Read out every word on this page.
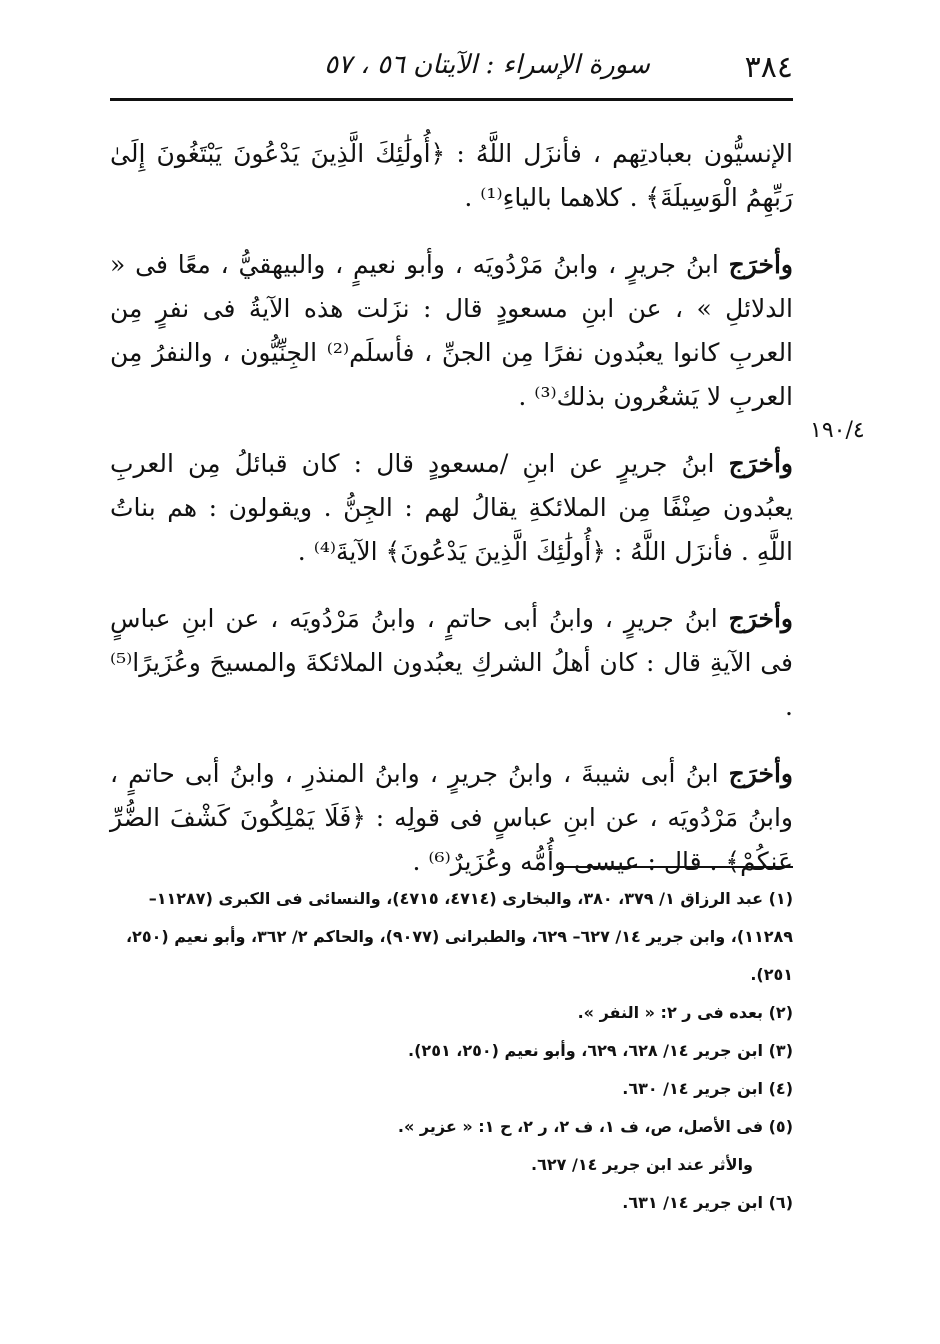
٣٨٤
سورة الإسراء : الآيتان ٥٦ ، ٥٧
١٩٠/٤

الإنسيُّون بعبادتِهم ، فأنزَل اللَّهُ : ﴿أُولَٰئِكَ الَّذِينَ يَدْعُونَ يَبْتَغُونَ إِلَىٰ رَبِّهِمُ الْوَسِيلَةَ﴾ . كلاهما بالياءِ⁽¹⁾ .

وأخرَج ابنُ جريرٍ ، وابنُ مَرْدُويَه ، وأبو نعيمٍ ، والبيهقيُّ ، معًا فى « الدلائلِ » ، عن ابنِ مسعودٍ قال : نزَلت هذه الآيةُ فى نفرٍ مِن العربِ كانوا يعبُدون نفرًا مِن الجنِّ ، فأسلَم⁽²⁾ الجِنِّيُّون ، والنفرُ مِن العربِ لا يَشعُرون بذلك⁽³⁾ .

وأخرَج ابنُ جريرٍ عن ابنِ /مسعودٍ قال : كان قبائلُ مِن العربِ يعبُدون صِنْفًا مِن الملائكةِ يقالُ لهم : الجِنُّ . ويقولون : هم بناتُ اللَّهِ . فأنزَل اللَّهُ : ﴿أُولَٰئِكَ الَّذِينَ يَدْعُونَ﴾ الآيةَ⁽⁴⁾ .

وأخرَج ابنُ جريرٍ ، وابنُ أبى حاتمٍ ، وابنُ مَرْدُويَه ، عن ابنِ عباسٍ فى الآيةِ قال : كان أهلُ الشركِ يعبُدون الملائكةَ والمسيحَ وعُزَيرًا⁽⁵⁾ .

وأخرَج ابنُ أبى شيبةَ ، وابنُ جريرٍ ، وابنُ المنذرِ ، وابنُ أبى حاتمٍ ، وابنُ مَرْدُويَه ، عن ابنِ عباسٍ فى قولِه : ﴿فَلَا يَمْلِكُونَ كَشْفَ الضُّرِّ عَنكُمْ﴾ . قال : عيسى وأُمُّه وعُزَيرٌ⁽⁶⁾ .

(١) عبد الرزاق ١/ ٣٧٩، ٣٨٠، والبخارى (٤٧١٤، ٤٧١٥)، والنسائى فى الكبرى (١١٢٨٧– ١١٢٨٩)، وابن جرير ١٤/ ٦٢٧– ٦٢٩، والطبرانى (٩٠٧٧)، والحاكم ٢/ ٣٦٢، وأبو نعيم (٢٥٠، ٢٥١).

(٢) بعده فى ر ٢: « النفر ».

(٣) ابن جرير ١٤/ ٦٢٨، ٦٢٩، وأبو نعيم (٢٥٠، ٢٥١).

(٤) ابن جرير ١٤/ ٦٣٠.

(٥) فى الأصل، ص، ف ١، ف ٢، ر ٢، ح ١: « عزير ».

والأثر عند ابن جرير ١٤/ ٦٢٧.

(٦) ابن جرير ١٤/ ٦٣١.
